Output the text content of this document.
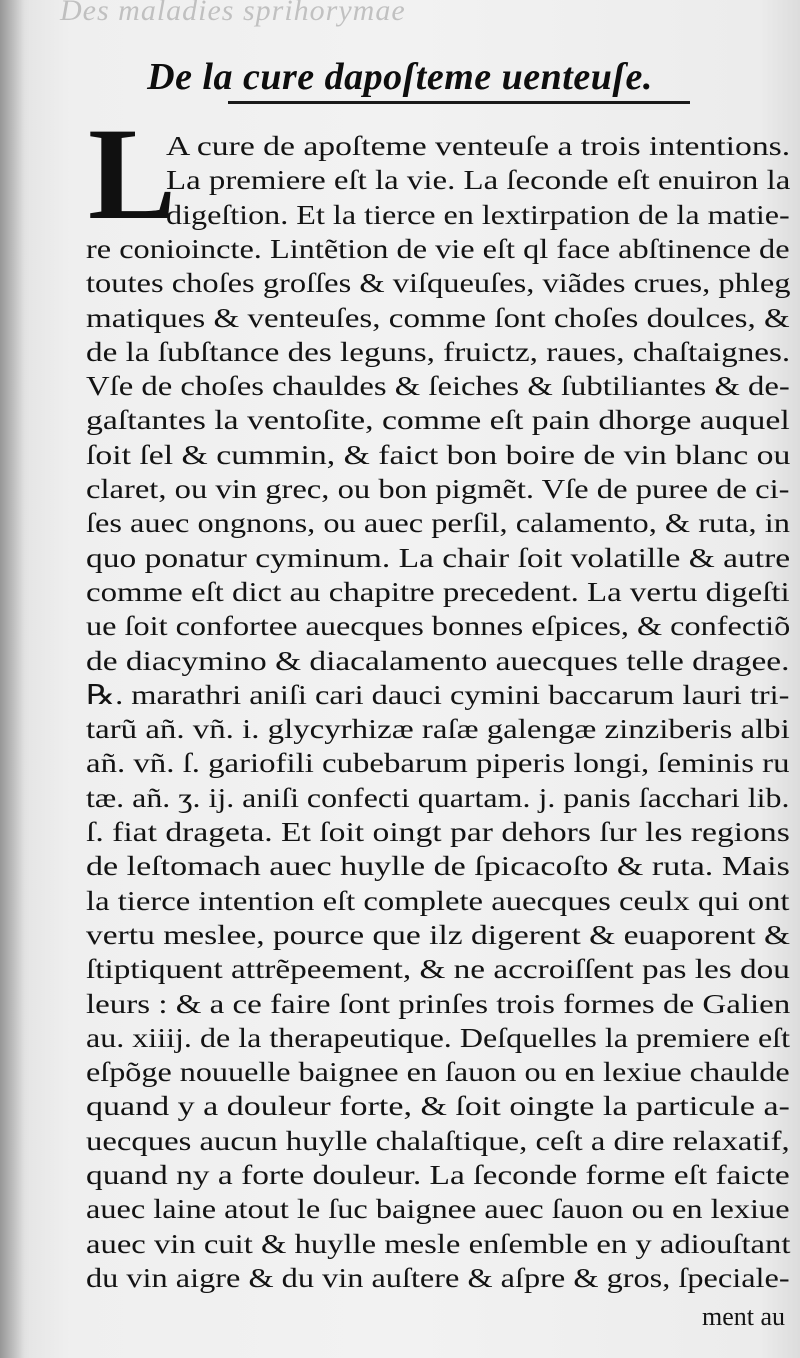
Des maladies sprihorymae
De la cure dapoſteme uenteuſe.
L
A cure de apoſteme venteuſe a trois intentions.
La premiere eſt la vie. La ſeconde eſt enuiron la
digeſtion. Et la tierce en lextirpation de la matie-
re conioincte. Lintẽtion de vie eſt ql face abſtinence de
toutes choſes groſſes & viſqueuſes, viãdes crues, phleg
matiques & venteuſes, comme ſont choſes doulces, &
de la ſubſtance des leguns, fruictz, raues, chaſtaignes.
Vſe de choſes chauldes & ſeiches & ſubtiliantes & de-
gaſtantes la ventoſite, comme eſt pain dhorge auquel
ſoit ſel & cummin, & faict bon boire de vin blanc ou
claret, ou vin grec, ou bon pigmẽt. Vſe de puree de ci-
ſes auec ongnons, ou auec perſil, calamento, & ruta, in
quo ponatur cyminum. La chair ſoit volatille & autre
comme eſt dict au chapitre precedent. La vertu digeſti
ue ſoit confortee auecques bonnes eſpices, & confectiõ
de diacymino & diacalamento auecques telle dragee.
℞. marathri aniſi cari dauci cymini baccarum lauri tri-
tarũ añ. vñ. i. glycyrhizæ raſæ galengæ zinziberis albi
añ. vñ. ſ. gariofili cubebarum piperis longi, ſeminis ru
tæ. añ. ʒ. ij. aniſi confecti quartam. j. panis ſacchari lib.
ſ. fiat drageta. Et ſoit oingt par dehors ſur les regions
de leſtomach auec huylle de ſpicacoſto & ruta. Mais
la tierce intention eſt complete auecques ceulx qui ont
vertu meslee, pource que ilz digerent & euaporent &
ſtiptiquent attrẽpeement, & ne accroiſſent pas les dou
leurs : & a ce faire ſont prinſes trois formes de Galien
au. xiiij. de la therapeutique. Deſquelles la premiere eſt
eſpõge nouuelle baignee en ſauon ou en lexiue chaulde
quand y a douleur forte, & ſoit oingte la particule a-
uecques aucun huylle chalaſtique, ceſt a dire relaxatif,
quand ny a forte douleur. La ſeconde forme eſt faicte
auec laine atout le ſuc baignee auec ſauon ou en lexiue
auec vin cuit & huylle mesle enſemble en y adiouſtant
du vin aigre & du vin auſtere & aſpre & gros, ſpeciale-
ment au
